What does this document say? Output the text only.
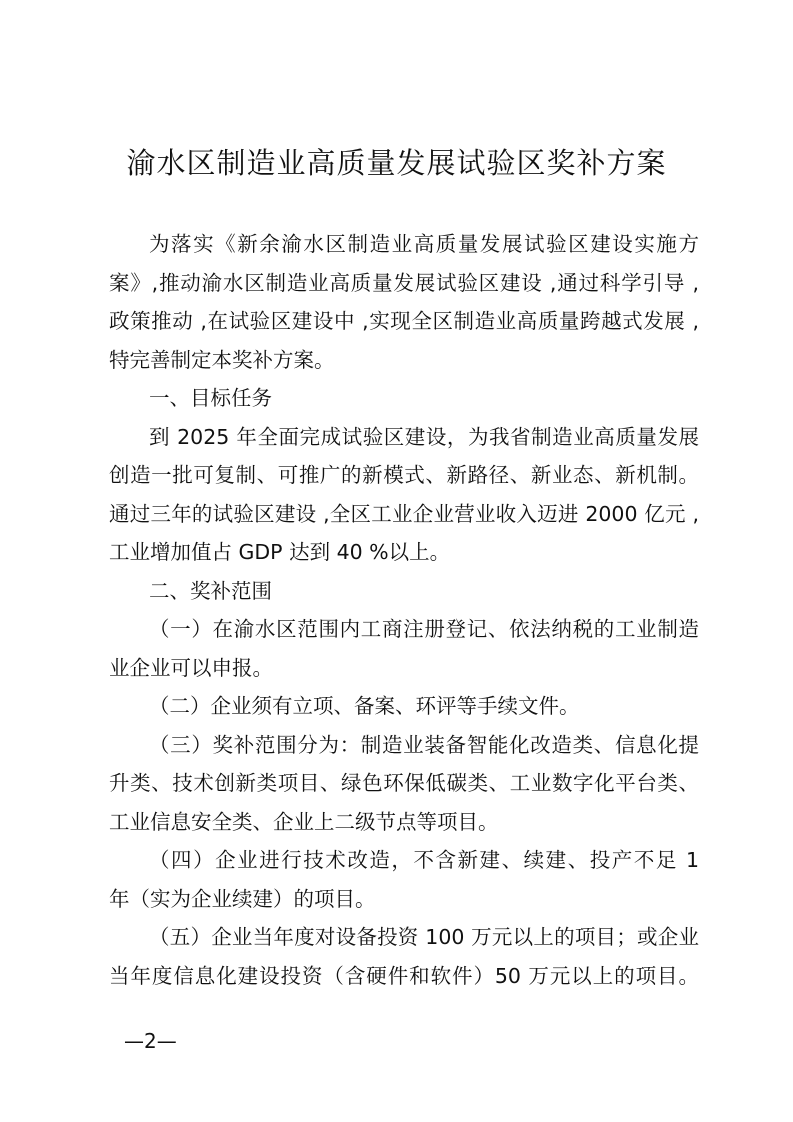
渝水区制造业高质量发展试验区奖补方案
为落实《新余渝水区制造业高质量发展试验区建设实施方
案》,推动渝水区制造业高质量发展试验区建设 ,通过科学引导 ,
政策推动 ,在试验区建设中 ,实现全区制造业高质量跨越式发展 ,
特完善制定本奖补方案。
一、目标任务
到 2025 年全面完成试验区建设，为我省制造业高质量发展
创造一批可复制、可推广的新模式、新路径、新业态、新机制。
通过三年的试验区建设 ,全区工业企业营业收入迈进 2000 亿元 ,
工业增加值占 GDP 达到 40 %以上。
二、奖补范围
（一）在渝水区范围内工商注册登记、依法纳税的工业制造
业企业可以申报。
（二）企业须有立项、备案、环评等手续文件。
（三）奖补范围分为：制造业装备智能化改造类、信息化提
升类、技术创新类项目、绿色环保低碳类、工业数字化平台类、
工业信息安全类、企业上二级节点等项目。
（四）企业进行技术改造，不含新建、续建、投产不足 1
年（实为企业续建）的项目。
（五）企业当年度对设备投资 100 万元以上的项目；或企业
当年度信息化建设投资（含硬件和软件）50 万元以上的项目。
—2—
